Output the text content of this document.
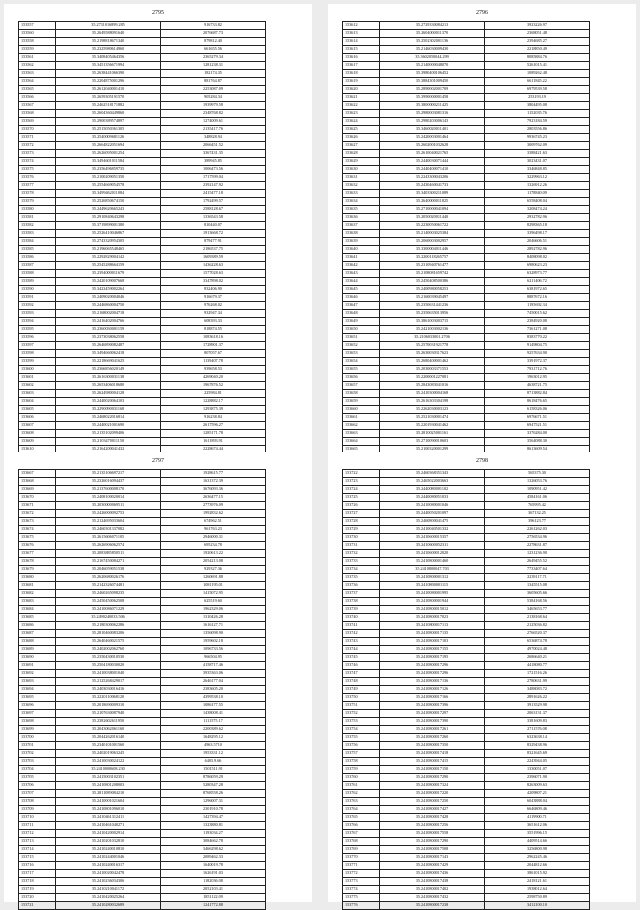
2795
153557	35.2731016899.285	916733.82
153560	35.2649588091640	2076687.73
153558	35.2198818671340	879812.40
153559	35.2325980614960	661655.56
153561	35.3408405464356	2365279.34
153562	35.3451356671994	1281238.31
153563	35.2638441066390	182174.35
153564	35.2204875001296	881764.87
153565	35.2612040001410	2253087.09
153566	35.2659305191570	905284.34
153567	35.2462518171882	1939979.58
153568	35.2604360449860	2348768.82
153569	35.2900389574897	1274009.61
153570	35.2515050361305	2135417.76
153571	35.2540009681126	348828.94
153572	35.2664822051694	2066451.52
153573	35.2626095001254	3367431.35
153574	35.3494601011584	389945.85
153575	35.2356496859735	1006473.56
153576	35.2100209051350	1717599.04
153577	35.2554669054578	2392147.92
153578	35.3499462011084	2415477.18
153579	35.2526850674150	1792499.57
153580	35.2449620665243	2588128.67
153581	35.2910840643298	1336543.58
153582	35.3719899001380	810440.07
153583	35.2526410046867	1913668.72
153584	35.2743320954305	879477.91
153585	35.2196065548465	2186537.75
153586	35.2292829004142	1609389.59
153587	35.2545288664159	1436228.63
153588	35.2394000011679	1577028.63
153589	35.2420109007668	3347898.02
153590	35.3423459002264	832406.90
153591	35.2409020004046	916679.37
153592	35.2446860004750	976268.02
153593	35.2168002004718	932947.34
153594	35.2416402004766	608393.33
153595	35.2360030001159	818874.55
153596	35.2373038062558	1083618.16
153597	35.2646890082487	1728901.37
153598	35.3494660062418	807057.67
153599	35.2218669041625	1139407.78
153600	35.2366856020149	939658.53
153601	35.2616300031138	4269040.20
153602	35.2653406018680	1967876.52
153603	35.2624980004128	225984.81
153604	35.2440020064103	1228882.17
153605	35.2290090031168	1293875.39
153606	35.2468022016814	916238.84
153607	35.2440021001690	2617596.27
153608	35.2135102099406	1285171.78
153609	35.2103470011150	1611893.91
153610	35.2164200041432	2228674.44

2796
153612	35.2729330084213	3923226.97
153613	35.2604000011370	2368051.48
153614	35.2502302001136	2394685.27
153615	35.2146030009430	2218850.49
153616	35.3602050044.299	8085884.76
153617	35.2140000048070	5261015.41
153618	35.3980400106452	1089262.48
153619	35.3884301009450	6611845.22
153620	35.2890002001709	6979539.58
153621	35.3990000001458	253193.19
153622	35.3800000211425	3804495.08
153623	35.2980003081316	1152035.76
153624	35.2980203006143	7923184.59
153625	35.3460020011401	2803556.86
153626	35.2420003001464	9936745.23
153627	35.2602001032628	3009762.09
153628	35.2610040021765	3388421.63
153629	35.2440030071444	3023431.07
153630	35.2440400071410	3346848.85
153631	35.2243300043206	3229963.12
153632	35.2430460041733	1326912.26
153633	35.3403300211089	1178840.09
153634	35.2640000011825	6558408.04
153635	35.2710000041094	3208474.24
153636	35.2050020011440	2932782.96
153637	35.2230050061722	8298365.18
153638	35.2140003025384	3396498.17
153639	35.2060003002957	2046606.51
153640	35.3300004011446	2892782.96
153641	35.2200118265757	8408098.02
153642	35.2310940761477	6980623.23
153643	35.2108081659742	6328973.77
153644	35.2450408500386	6211406.72
153645	35.2400980058253	6381972.65
153646	35.2160039045497	8887672.16
153647	35.2350631441236	1195692.34
153648	35.2350635013956	7450015.62
153649	35.3861003003715	2384920.08
153650	35.2421003002136	7361271.08
153651	35.2106033001.2706	8383770.22
153652	35.2570031921778	9149804.75
153653	35.2630030317623	9257634.90
153654	35.2680400001462	3391972.37
153655	35.2030003371553	7931712.76
153656	35.2200001227081	1963012.95
153657	35.2843083041016	4638721.75
153658	35.2410300004168	8713882.84
153659	35.2616303304198	8618476.65
153660	35.2262030003123	6158326.06
153661	35.2521030001474	6976671.51
153662	35.2201930041462	6947521.51
153663	35.2810025001161	3376284.00
153664	35.2710090010603	3564088.30
153665	35.2100320001299	8613609.54

2797
153667	35.2135106697217	1928615.77
153668	35.2326016094437	1631372.39
153669	35.2137600008170	3676093.36
153670	35.2408100020014	2636477.15
153671	35.2030000069511	2773976.09
153672	35.2426000092753	1992832.62
153673	35.2124695033604	674962.51
153674	35.2460301337082	961763.23
153675	35.2615606071105	2946000.31
153676	35.2626906062574	695234.78
153677	35.2083885850511	1920613.22
153678	35.2167450084271	2054213.08
153679	35.2046059051538	929327.36
153680	35.2620680026176	1260691.88
153681	35.2142326074481	1081195.01
153682	35.2460265098235	1415072.95
153683	35.2450450062508	625519.60
153684	35.2410086071229	1962329.06
153685	35.2490240033.506	1310426.28
153686	35.2180300062286	1616127.71
153687	35.2810460083206	1356098.90
153688	35.2640460021575	1959602.18
153689	35.2402002062760	1096733.56
153690	35.2350430010530	966504.95
153691	35.2504180030020	4158717.46
153692	35.2410038001040	3935363.06
153693	35.2125268429017	2646177.04
153694	35.2403030016416	2383605.20
153695	35.2220110068120	4399538.10
153696	35.2018690009310	1086177.55
153697	35.2107630087940	1438008.41
153698	35.2382602611950	1111575.17
153699	35.2043062061160	2200389.62
153700	35.2044262016140	1648295.12
153701	35.2340101001560	4963.5710
153702	35.2402019063245	1953331.12
153703	35.2410030024122	6403.9.66
153704	35.2410000608.230	1501511.91
153705	35.2415003102351	8786059.29
153706	35.2410801208003	5280347.28
153707	35.2811089084210	8768558.26
153708	35.2410001021604	1296007.31
153709	35.2410801096010	2301910.78
153710	35.2410461312411	1427394.47
153711	35.2410461040271	1323880.81
153712	35.2410420002914	1193034.27
153713	35.2410201032810	3084662.78
153714	35.2410240010810	3466298.62
153715	35.2410244001046	2089462.33
153716	35.2410240016317	1640019.78
153717	35.2410020042478	1626191.03
153718	35.2410236034306	1182036.08
153719	35.2410210041172	2052103.41
153720	35.2410420025264	1851122.09
153721	35.2410280032689	1241772.88
2798
153722	35.2460368351343	565375.30
153723	35.2465022003663	1326053.76
153724	35.2440080001102	1090951.42
153725	35.2440080051033	4584161.06
153726	35.2410080001046	765995.42
153727	35.2440050201097	367132.25
153728	35.2460800041475	396123.77
153729	35.2410040501332	2261262.03
153730	35.2410600015357	2756534.96
153731	35.2410600052311	2278631.87
153732	35.2410600012020	1231236.90
153733	35.2410800001460	2649455.52
153734	35.2410800047.703	7733407.64
153735	35.2410800001312	2239117.71
153736	35.2410800001115	1345515.08
153737	35.2410080001995	3605605.66
153738	35.2410800001944	5384168.56
153739	35.2410800015012	3465653.77
153740	35.2410800017023	2138168.64
153741	35.2410800017113	2125036.82
153742	35.2410800017135	2766520.37
153743	35.2410800017103	6536874.78
153744	35.2410800017155	4970024.48
153745	35.2410800017195	2686640.21
153746	35.2410800017296	4418080.77
153747	35.2410800017296	1721516.26
153748	35.2410800017136	2780631.99
153749	35.2410800017126	3488083.72
153750	35.2410800017166	2891626.22
153751	35.2410800017396	3913529.98
153752	35.2410800017297	2063131.37
153753	35.2410800017390	3381609.83
153754	35.2410800017261	2711576.08
153755	35.2410800017260	6323638.14
153756	35.2410800017350	8329438.96
153757	35.2410800017418	8321645.69
153758	35.2410800017415	2243944.05
153759	35.2410800017150	1330051.07
153760	35.2410800017290	2396071.90
153761	35.2410800017324	8263009.63
153762	35.2410800017220	4209807.21
153763	35.2410800017250	6043888.04
153764	35.2410800017427	6646809.46
153765	35.2410800017428	4119900.71
153766	35.2410800017256	3651612.06
153767	35.2410800017558	3551996.15
153768	35.2410800017290	4409514.66
153769	35.2410800017508	3256800.98
153770	35.2410800017143	2962245.46
153771	35.2410800017429	2044812.66
153772	35.2410800017436	3861015.92
153773	35.2410800017438	2418121.61
153774	35.2410800017402	1938012.64
153775	35.2410800017432	2598750.89
153776	35.2410800017238	3412100.10
